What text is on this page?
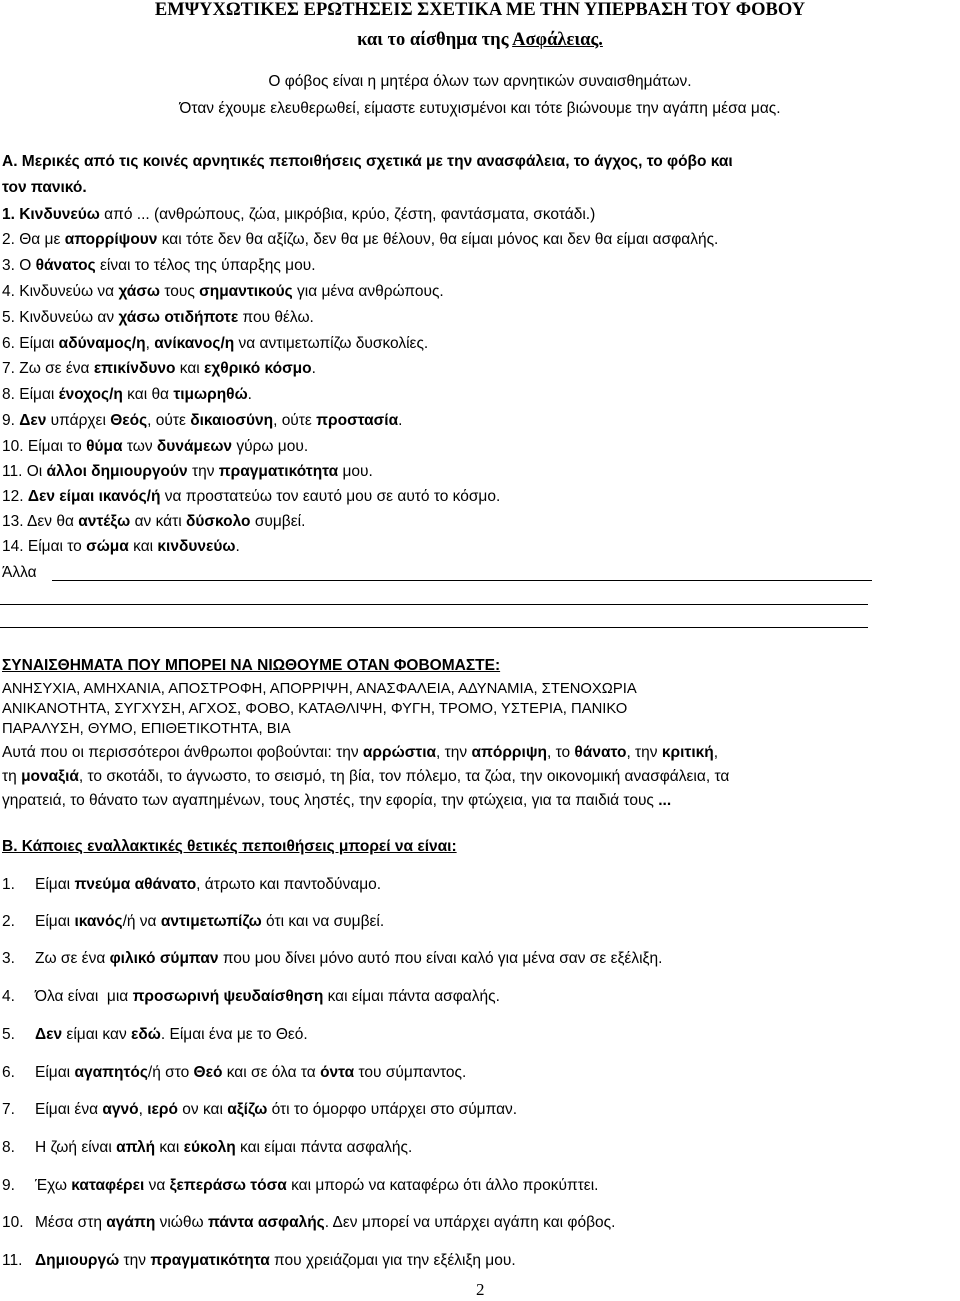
ΕΜΨΥΧΩΤΙΚΕΣ ΕΡΩΤΗΣΕΙΣ ΣΧΕΤΙΚΑ ΜΕ ΤΗΝ ΥΠΕΡΒΑΣΗ ΤΟΥ ΦΟΒΟΥ
και το αίσθημα της Ασφάλειας.
Ο φόβος είναι η μητέρα όλων των αρνητικών συναισθημάτων.
Όταν έχουμε ελευθερωθεί, είμαστε ευτυχισμένοι και τότε βιώνουμε την αγάπη μέσα μας.
Α. Μερικές από τις κοινές αρνητικές πεποιθήσεις σχετικά με την ανασφάλεια, το άγχος, το φόβο και
τον πανικό.
1. Κινδυνεύω από ... (ανθρώπους, ζώα, μικρόβια, κρύο, ζέστη, φαντάσματα, σκοτάδι.)
2. Θα με απορρίψουν και τότε δεν θα αξίζω, δεν θα με θέλουν, θα είμαι μόνος και δεν θα είμαι ασφαλής.
3. Ο θάνατος είναι το τέλος της ύπαρξης μου.
4. Κινδυνεύω να χάσω τους σημαντικούς για μένα ανθρώπους.
5. Κινδυνεύω αν χάσω οτιδήποτε που θέλω.
6. Είμαι αδύναμος/η, ανίκανος/η να αντιμετωπίζω δυσκολίες.
7. Ζω σε ένα επικίνδυνο και εχθρικό κόσμο.
8. Είμαι ένοχος/η και θα τιμωρηθώ.
9. Δεν υπάρχει Θεός, ούτε δικαιοσύνη, ούτε προστασία.
10. Είμαι το θύμα των δυνάμεων γύρω μου.
11. Οι άλλοι δημιουργούν την πραγματικότητα μου.
12. Δεν είμαι ικανός/ή να προστατεύω τον εαυτό μου σε αυτό το κόσμο.
13. Δεν θα αντέξω αν κάτι δύσκολο συμβεί.
14. Είμαι το σώμα και κινδυνεύω.
Άλλα
ΣΥΝΑΙΣΘΗΜΑΤΑ ΠΟΥ ΜΠΟΡΕΙ ΝΑ ΝΙΩΘΟΥΜΕ ΟΤΑΝ ΦΟΒΟΜΑΣΤΕ:
ΑΝΗΣΥΧΙΑ, ΑΜΗΧΑΝΙΑ, ΑΠΟΣΤΡΟΦΗ, ΑΠΟΡΡΙΨΗ, ΑΝΑΣΦΑΛΕΙΑ, ΑΔΥΝΑΜΙΑ, ΣΤΕΝΟΧΩΡΙΑ
ΑΝΙΚΑΝΟΤΗΤΑ, ΣΥΓΧΥΣΗ, ΑΓΧΟΣ, ΦΟΒΟ, ΚΑΤΑΘΛΙΨΗ, ΦΥΓΗ, ΤΡΟΜΟ, ΥΣΤΕΡΙΑ, ΠΑΝΙΚΟ
ΠΑΡΑΛΥΣΗ, ΘΥΜΟ, ΕΠΙΘΕΤΙΚΟΤΗΤΑ, ΒΙΑ
Αυτά που οι περισσότεροι άνθρωποι φοβούνται: την αρρώστια, την απόρριψη, το θάνατο, την κριτική,
τη μοναξιά, το σκοτάδι, το άγνωστο, το σεισμό, τη βία, τον πόλεμο, τα ζώα, την οικονομική ανασφάλεια, τα
γηρατειά, το θάνατο των αγαπημένων, τους ληστές, την εφορία, την φτώχεια, για τα παιδιά τους ...
Β. Κάποιες εναλλακτικές θετικές πεποιθήσεις μπορεί να είναι:
1. Είμαι πνεύμα αθάνατο, άτρωτο και παντοδύναμο.
2. Είμαι ικανός/ή να αντιμετωπίζω ότι και να συμβεί.
3. Ζω σε ένα φιλικό σύμπαν που μου δίνει μόνο αυτό που είναι καλό για μένα σαν σε εξέλιξη.
4. Όλα είναι  μια προσωρινή ψευδαίσθηση και είμαι πάντα ασφαλής.
5. Δεν είμαι καν εδώ. Είμαι ένα με το Θεό.
6. Είμαι αγαπητός/ή στο Θεό και σε όλα τα όντα του σύμπαντος.
7. Είμαι ένα αγνό, ιερό ον και αξίζω ότι το όμορφο υπάρχει στο σύμπαν.
8. Η ζωή είναι απλή και εύκολη και είμαι πάντα ασφαλής.
9. Έχω καταφέρει να ξεπεράσω τόσα και μπορώ να καταφέρω ότι άλλο προκύπτει.
10. Μέσα στη αγάπη νιώθω πάντα ασφαλής. Δεν μπορεί να υπάρχει αγάπη και φόβος.
11. Δημιουργώ την πραγματικότητα που χρειάζομαι για την εξέλιξη μου.
2
